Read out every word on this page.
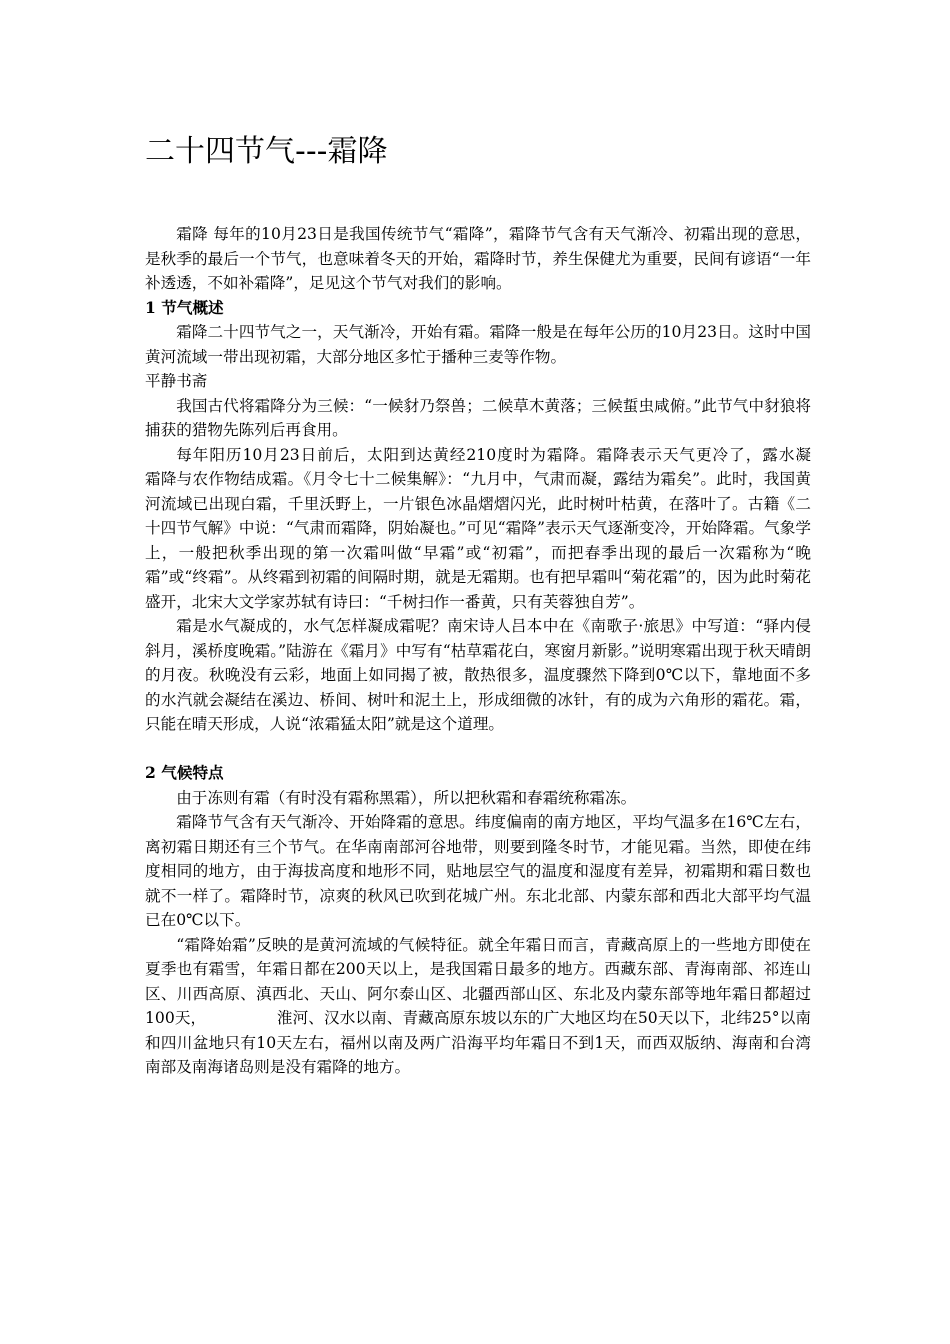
二十四节气---霜降

霜降 每年的10月23日是我国传统节气“霜降”，霜降节气含有天气渐冷、初霜出现的意思，是秋季的最后一个节气，也意味着冬天的开始，霜降时节，养生保健尤为重要，民间有谚语“一年补透透，不如补霜降”，足见这个节气对我们的影响。

1 节气概述

霜降二十四节气之一，天气渐冷，开始有霜。霜降一般是在每年公历的10月23日。这时中国黄河流域一带出现初霜，大部分地区多忙于播种三麦等作物。

平静书斋

我国古代将霜降分为三候：“一候豺乃祭兽；二候草木黄落；三候蜇虫咸俯。”此节气中豺狼将捕获的猎物先陈列后再食用。

每年阳历10月23日前后，太阳到达黄经210度时为霜降。霜降表示天气更冷了，露水凝　 霜降与农作物结成霜。《月令七十二候集解》：“九月中，气肃而凝，露结为霜矣”。此时，我国黄河流域已出现白霜，千里沃野上，一片银色冰晶熠熠闪光，此时树叶枯黄，在落叶了。古籍《二十四节气解》中说：“气肃而霜降，阴始凝也。”可见“霜降”表示天气逐渐变冷，开始降霜。气象学上，一般把秋季出现的第一次霜叫做“早霜”或“初霜”，而把春季出现的最后一次霜称为“晚霜”或“终霜”。从终霜到初霜的间隔时期，就是无霜期。也有把早霜叫“菊花霜”的，因为此时菊花盛开，北宋大文学家苏轼有诗曰：“千树扫作一番黄，只有芙蓉独自芳”。

霜是水气凝成的，水气怎样凝成霜呢？南宋诗人吕本中在《南歌子·旅思》中写道：“驿内侵斜月，溪桥度晚霜。”陆游在《霜月》中写有“枯草霜花白，寒窗月新影。”说明寒霜出现于秋天晴朗的月夜。秋晚没有云彩，地面上如同揭了被，散热很多，温度骤然下降到0℃以下，靠地面不多的水汽就会凝结在溪边、桥间、树叶和泥土上，形成细微的冰针，有的成为六角形的霜花。霜，只能在晴天形成，人说“浓霜猛太阳”就是这个道理。

2 气候特点

由于冻则有霜（有时没有霜称黑霜），所以把秋霜和春霜统称霜冻。

霜降节气含有天气渐冷、开始降霜的意思。纬度偏南的南方地区，平均气温多在16℃左右，离初霜日期还有三个节气。在华南南部河谷地带，则要到隆冬时节，才能见霜。当然，即使在纬度相同的地方，由于海拔高度和地形不同，贴地层空气的温度和湿度有差异，初霜期和霜日数也就不一样了。霜降时节，凉爽的秋风已吹到花城广州。东北北部、内蒙东部和西北大部平均气温已在0℃以下。

“霜降始霜”反映的是黄河流域的气候特征。就全年霜日而言，青藏高原上的一些地方即使在夏季也有霜雪，年霜日都在200天以上，是我国霜日最多的地方。西藏东部、青海南部、祁连山区、川西高原、滇西北、天山、阿尔泰山区、北疆西部山区、东北及内蒙东部等地年霜日都超过100天，　　　　　淮河、汉水以南、青藏高原东坡以东的广大地区均在50天以下，北纬25°以南和四川盆地只有10天左右，福州以南及两广沿海平均年霜日不到1天，而西双版纳、海南和台湾南部及南海诸岛则是没有霜降的地方。
